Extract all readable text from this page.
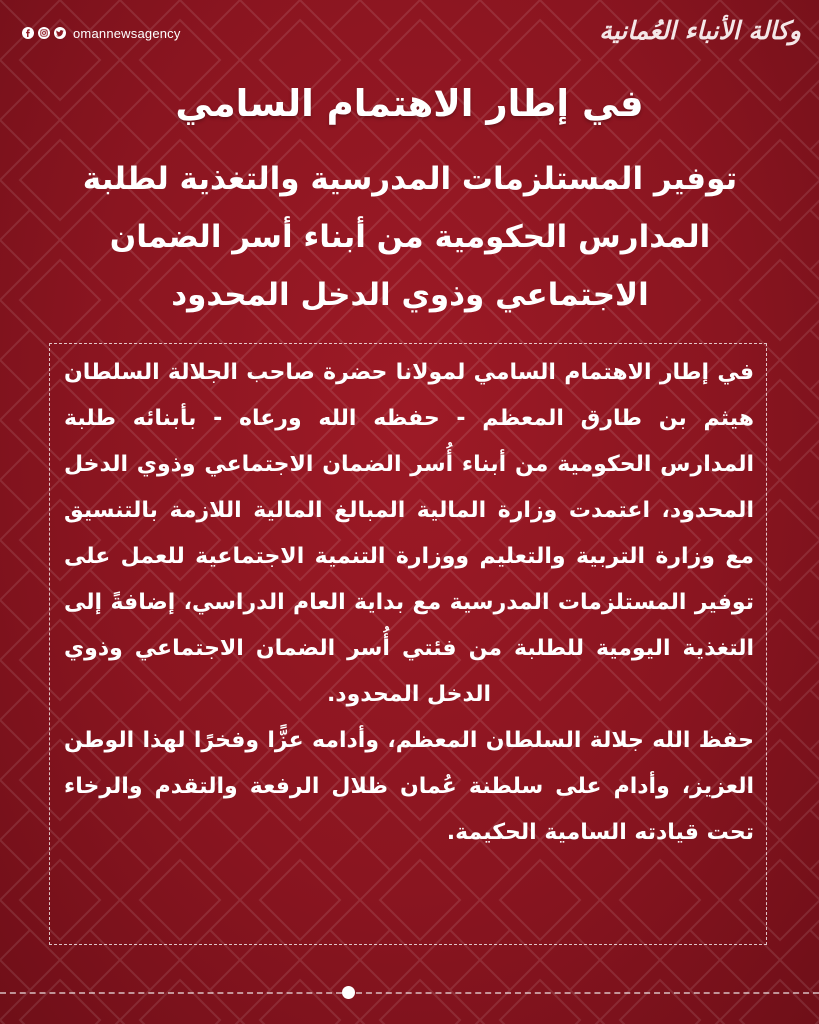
omannewsagency	وكالة الأنباء العُمانية
في إطار الاهتمام السامي
توفير المستلزمات المدرسية والتغذية لطلبة
المدارس الحكومية من أبناء أسر الضمان
الاجتماعي وذوي الدخل المحدود

في إطار الاهتمام السامي لمولانا حضرة صاحب الجلالة السلطان هيثم بن طارق المعظم - حفظه الله ورعاه - بأبنائه طلبة المدارس الحكومية من أبناء أُسر الضمان الاجتماعي وذوي الدخل المحدود، اعتمدت وزارة المالية المبالغ المالية اللازمة بالتنسيق مع وزارة التربية والتعليم ووزارة التنمية الاجتماعية للعمل على توفير المستلزمات المدرسية مع بداية العام الدراسي، إضافةً إلى التغذية اليومية للطلبة من فئتي أُسر الضمان الاجتماعي وذوي الدخل المحدود.

حفظ الله جلالة السلطان المعظم، وأدامه عزًّا وفخرًا لهذا الوطن العزيز، وأدام على سلطنة عُمان ظلال الرفعة والتقدم والرخاء تحت قيادته السامية الحكيمة.
